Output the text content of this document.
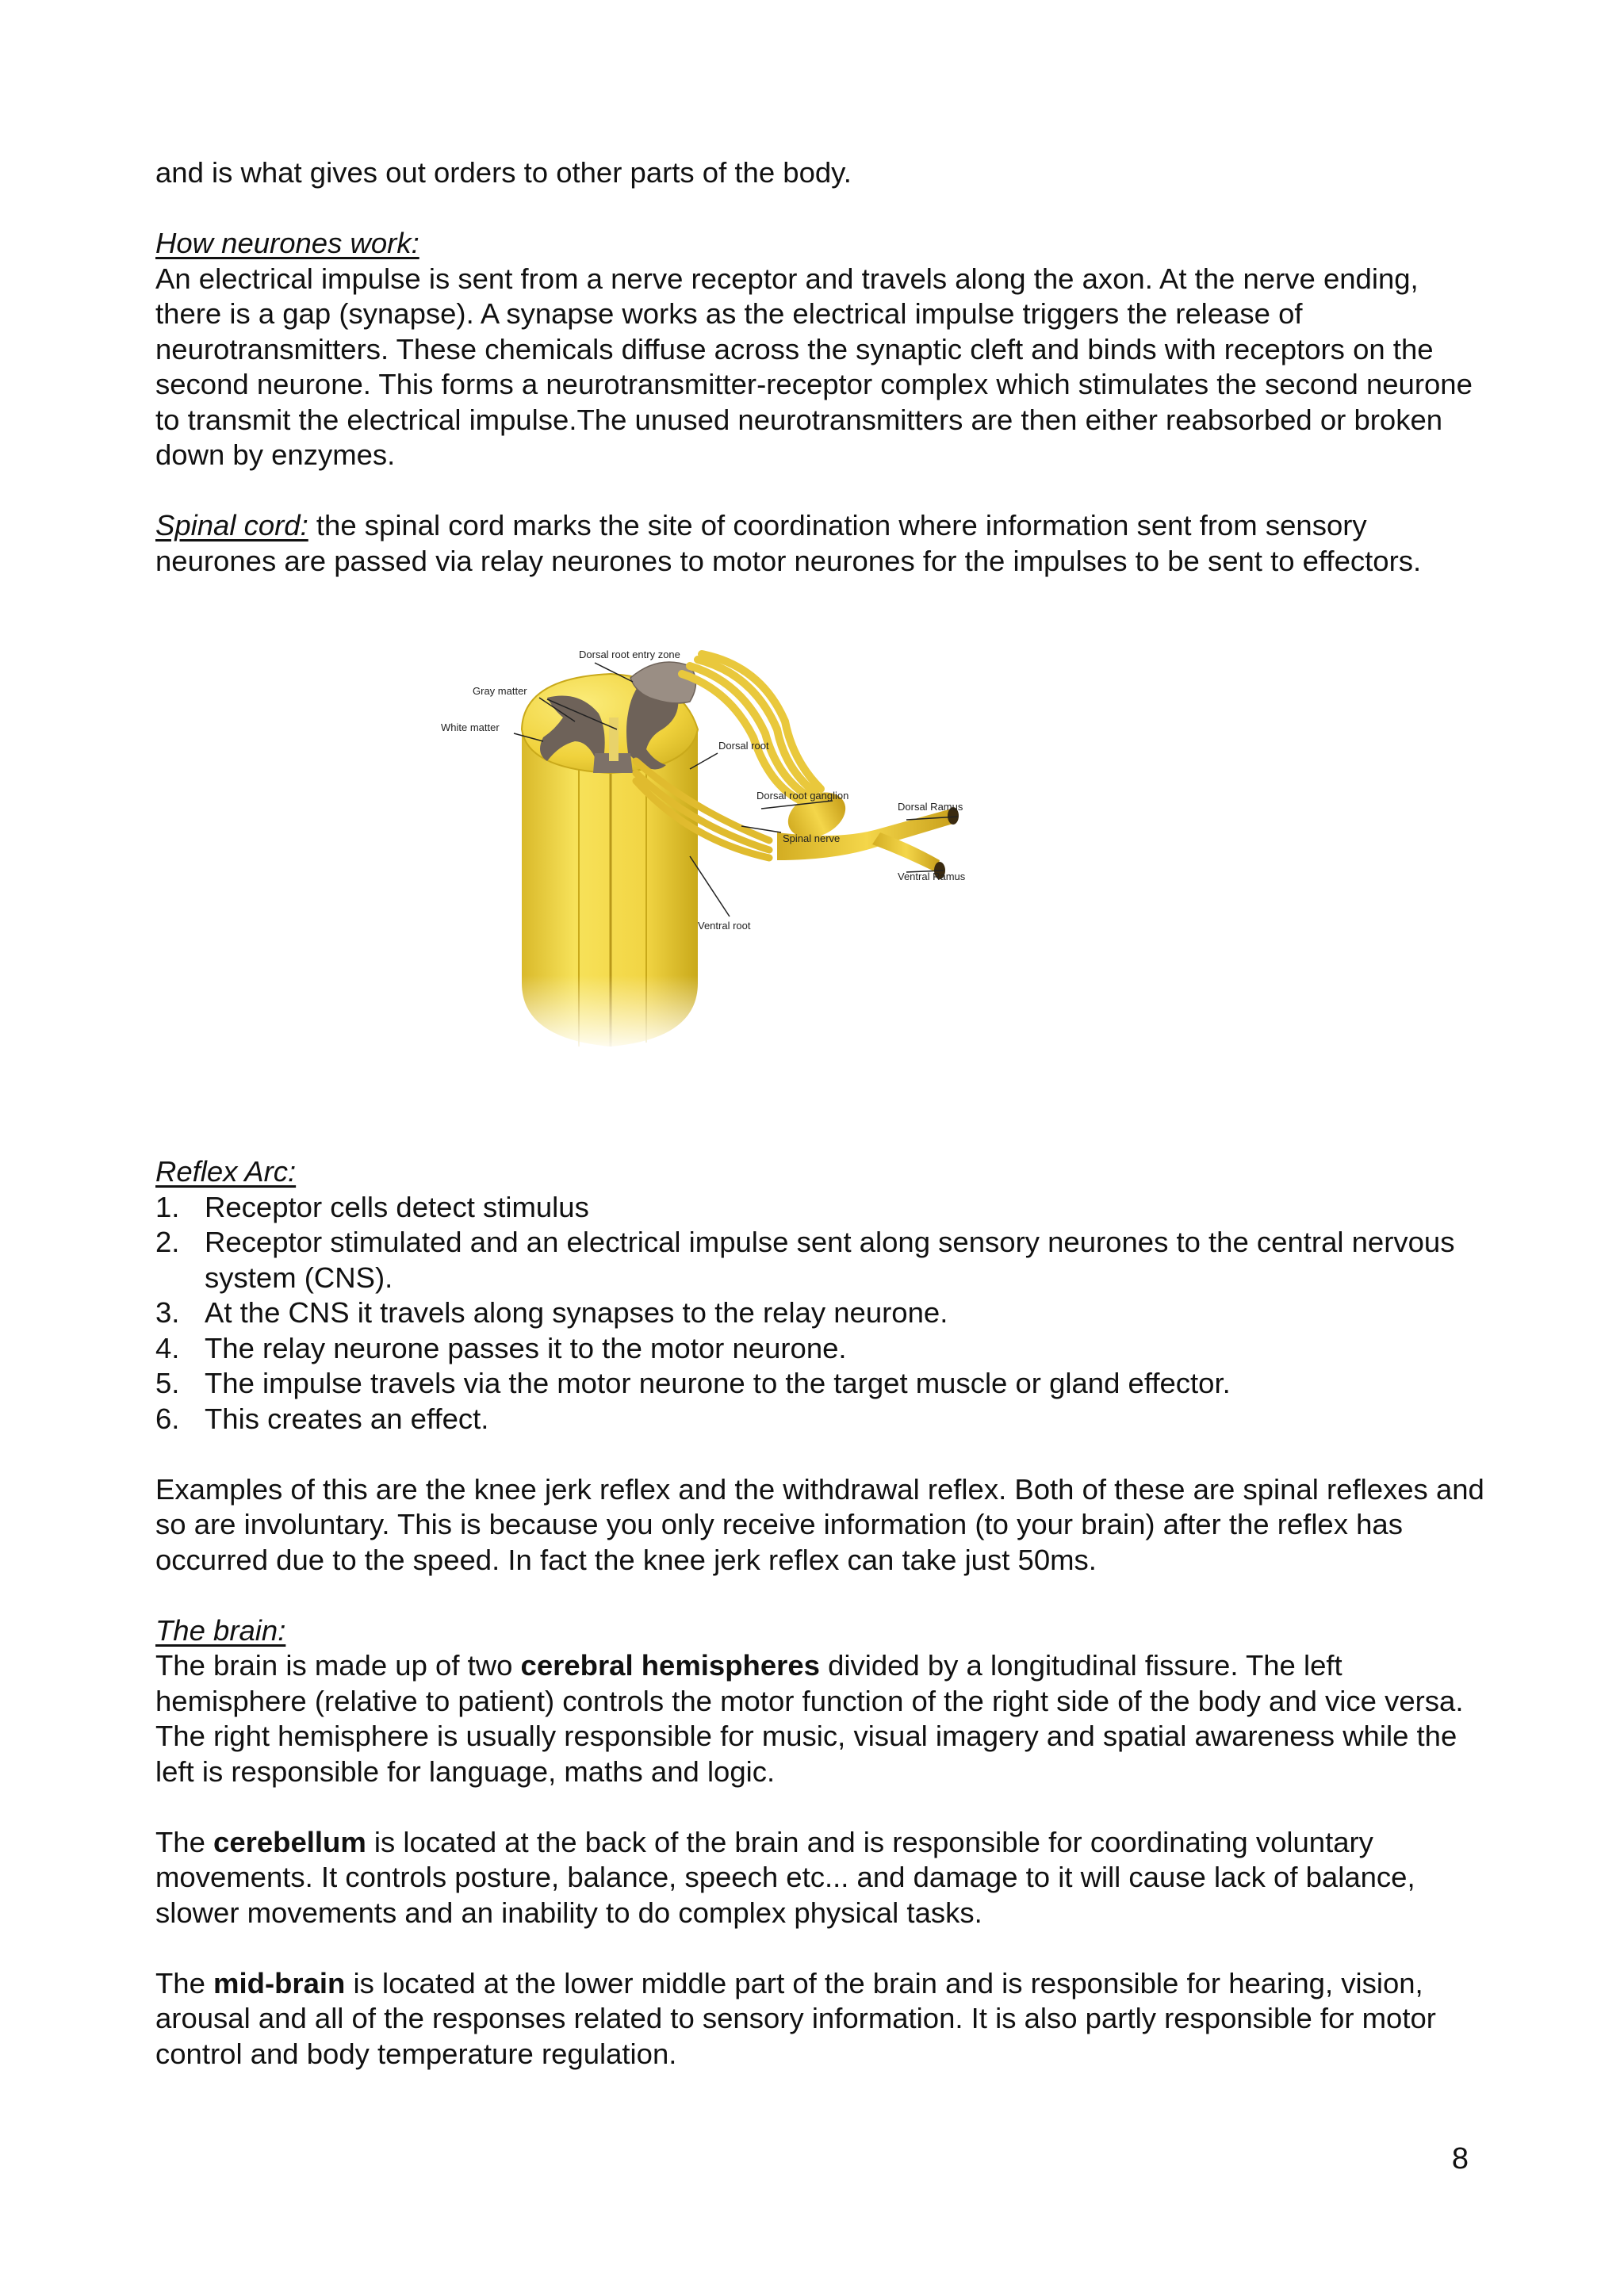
and is what gives out orders to other parts of the body.

How neurones work:

An electrical impulse is sent from a nerve receptor and travels along the axon. At the nerve ending, there is a gap (synapse). A synapse works as the electrical impulse triggers the release of neurotransmitters. These chemicals diffuse across the synaptic cleft and binds with receptors on the second neurone. This forms a neurotransmitter-receptor complex which stimulates the second neurone to transmit the electrical impulse.The unused neurotransmitters are then either reabsorbed or broken down by enzymes.

Spinal cord: the spinal cord marks the site of coordination where information sent from sensory neurones are passed via relay neurones to motor neurones for the impulses to be sent to effectors.

Dorsal root entry zone
Gray matter
White matter
Dorsal root
Dorsal root ganglion
Spinal nerve
Dorsal Ramus
Ventral Ramus
Ventral root

Reflex Arc:

1. Receptor cells detect stimulus
2. Receptor stimulated and an electrical impulse sent along sensory neurones to the central nervous system (CNS).
3. At the CNS it travels along synapses to the relay neurone.
4. The relay neurone passes it to the motor neurone.
5. The impulse travels via the motor neurone to the target muscle or gland effector.
6. This creates an effect.

Examples of this are the knee jerk reflex and the withdrawal reflex. Both of these are spinal reflexes and so are involuntary. This is because you only receive information (to your brain) after the reflex has occurred due to the speed. In fact the knee jerk reflex can take just 50ms.

The brain:

The brain is made up of two cerebral hemispheres divided by a longitudinal fissure. The left hemisphere (relative to patient) controls the motor function of the right side of the body and vice versa. The right hemisphere is usually responsible for music, visual imagery and spatial awareness while the left is responsible for language, maths and logic.

The cerebellum is located at the back of the brain and is responsible for coordinating voluntary movements. It controls posture, balance, speech etc... and damage to it will cause lack of balance, slower movements and an inability to do complex physical tasks.

The mid-brain is located at the lower middle part of the brain and is responsible for hearing, vision, arousal and all of the responses related to sensory information. It is also partly responsible for motor control and body temperature regulation.

8
